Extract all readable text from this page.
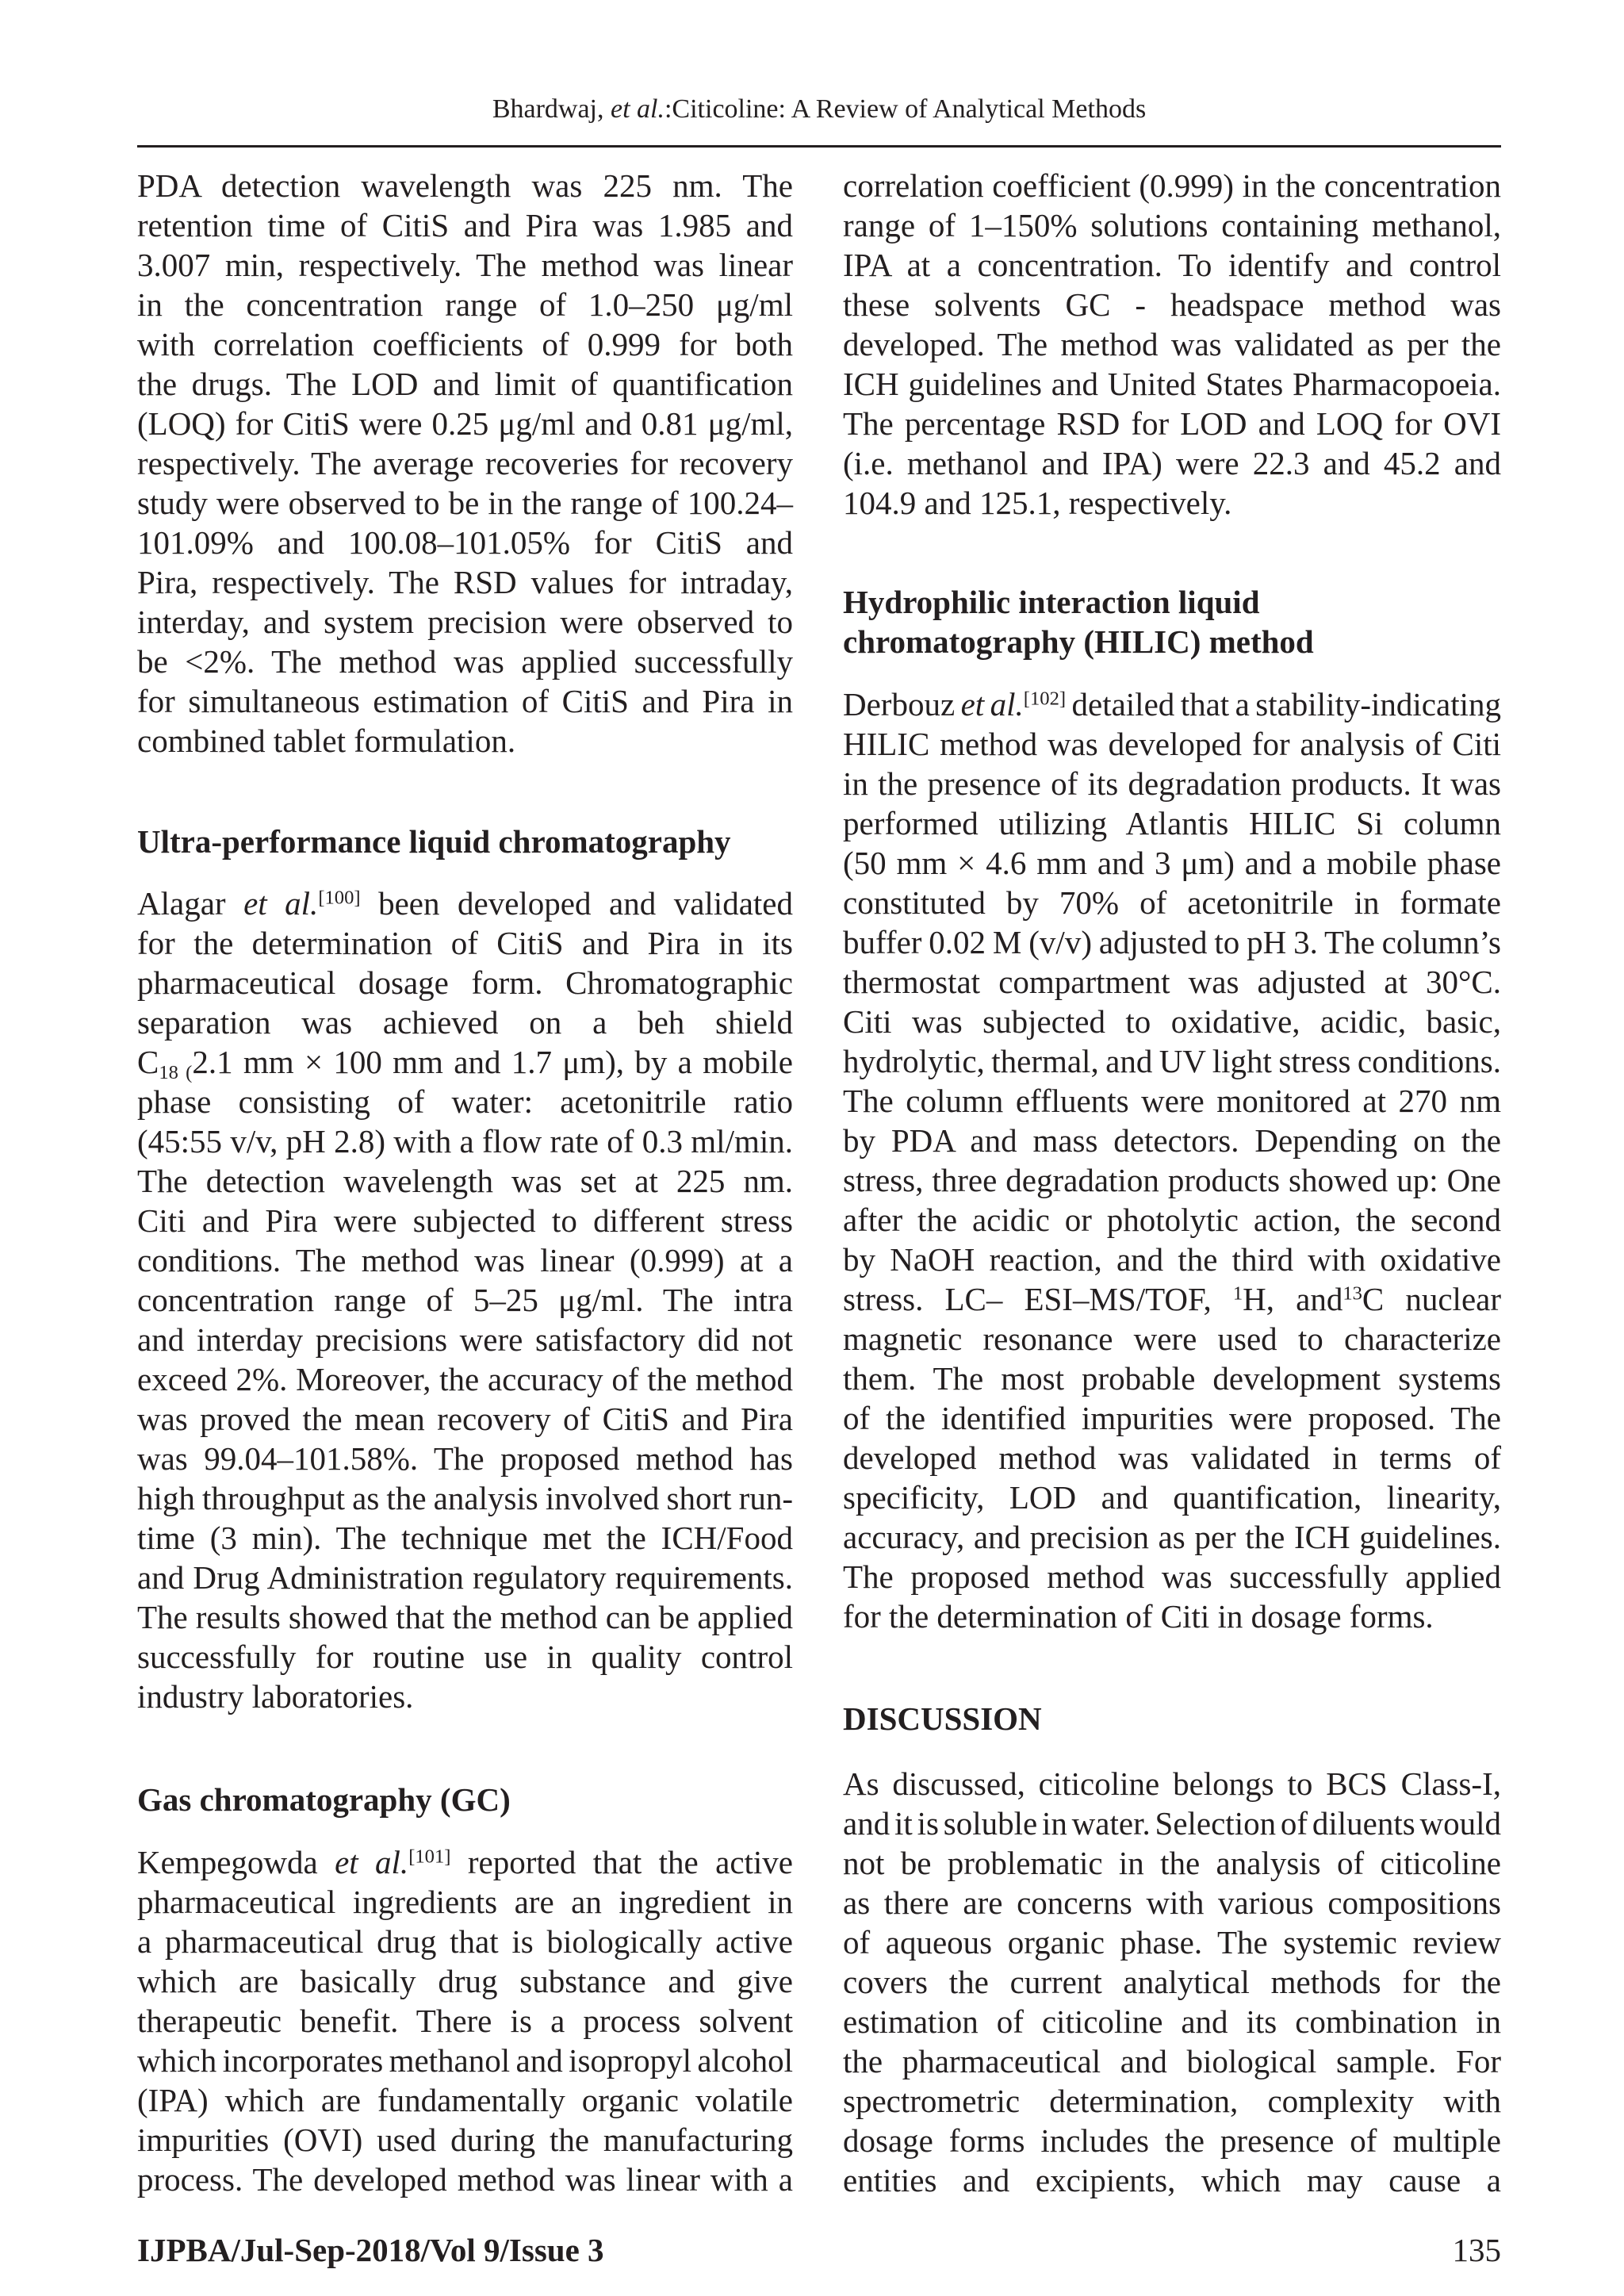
Bhardwaj, et al.:Citicoline: A Review of Analytical Methods
PDA detection wavelength was 225 nm. The
retention time of CitiS and Pira was 1.985 and
3.007 min, respectively. The method was linear
in the concentration range of 1.0–250 μg/ml
with correlation coefficients of 0.999 for both
the drugs. The LOD and limit of quantification
(LOQ) for CitiS were 0.25 μg/ml and 0.81 μg/ml,
respectively. The average recoveries for recovery
study were observed to be in the range of 100.24–
101.09% and 100.08–101.05% for CitiS and
Pira, respectively. The RSD values for intraday,
interday, and system precision were observed to
be <2%. The method was applied successfully
for simultaneous estimation of CitiS and Pira in
combined tablet formulation.
Ultra-performance liquid chromatography
Alagar et al.[100] been developed and validated
for the determination of CitiS and Pira in its
pharmaceutical dosage form. Chromatographic
separation was achieved on a beh shield
$C_{18 (}2.1$ mm × 100 mm and 1.7 μm), by a mobile
phase consisting of water: acetonitrile ratio
(45:55 v/v, pH 2.8) with a flow rate of 0.3 ml/min.
The detection wavelength was set at 225 nm.
Citi and Pira were subjected to different stress
conditions. The method was linear (0.999) at a
concentration range of 5–25 μg/ml. The intra
and interday precisions were satisfactory did not
exceed 2%. Moreover, the accuracy of the method
was proved the mean recovery of CitiS and Pira
was 99.04–101.58%. The proposed method has
high throughput as the analysis involved short run-
time (3 min). The technique met the ICH/Food
and Drug Administration regulatory requirements.
The results showed that the method can be applied
successfully for routine use in quality control
industry laboratories.
Gas chromatography (GC)
Kempegowda et al.[101] reported that the active
pharmaceutical ingredients are an ingredient in
a pharmaceutical drug that is biologically active
which are basically drug substance and give
therapeutic benefit. There is a process solvent
which incorporates methanol and isopropyl alcohol
(IPA) which are fundamentally organic volatile
impurities (OVI) used during the manufacturing
process. The developed method was linear with a
correlation coefficient (0.999) in the concentration
range of 1–150% solutions containing methanol,
IPA at a concentration. To identify and control
these solvents GC - headspace method was
developed. The method was validated as per the
ICH guidelines and United States Pharmacopoeia.
The percentage RSD for LOD and LOQ for OVI
(i.e. methanol and IPA) were 22.3 and 45.2 and
104.9 and 125.1, respectively.
Hydrophilic interaction liquid
chromatography (HILIC) method
Derbouz et al.[102] detailed that a stability-indicating
HILIC method was developed for analysis of Citi
in the presence of its degradation products. It was
performed utilizing Atlantis HILIC Si column
(50 mm × 4.6 mm and 3 μm) and a mobile phase
constituted by 70% of acetonitrile in formate
buffer 0.02 M (v/v) adjusted to pH 3. The column’s
thermostat compartment was adjusted at 30°C.
Citi was subjected to oxidative, acidic, basic,
hydrolytic, thermal, and UV light stress conditions.
The column effluents were monitored at 270 nm
by PDA and mass detectors. Depending on the
stress, three degradation products showed up: One
after the acidic or photolytic action, the second
by NaOH reaction, and the third with oxidative
stress. LC– ESI–MS/TOF, $^1$H, and$^{13}$C nuclear
magnetic resonance were used to characterize
them. The most probable development systems
of the identified impurities were proposed. The
developed method was validated in terms of
specificity, LOD and quantification, linearity,
accuracy, and precision as per the ICH guidelines.
The proposed method was successfully applied
for the determination of Citi in dosage forms.
DISCUSSION
As discussed, citicoline belongs to BCS Class-I,
and it is soluble in water. Selection of diluents would
not be problematic in the analysis of citicoline
as there are concerns with various compositions
of aqueous organic phase. The systemic review
covers the current analytical methods for the
estimation of citicoline and its combination in
the pharmaceutical and biological sample. For
spectrometric determination, complexity with
dosage forms includes the presence of multiple
entities and excipients, which may cause a
IJPBA/Jul-Sep-2018/Vol 9/Issue 3	135
